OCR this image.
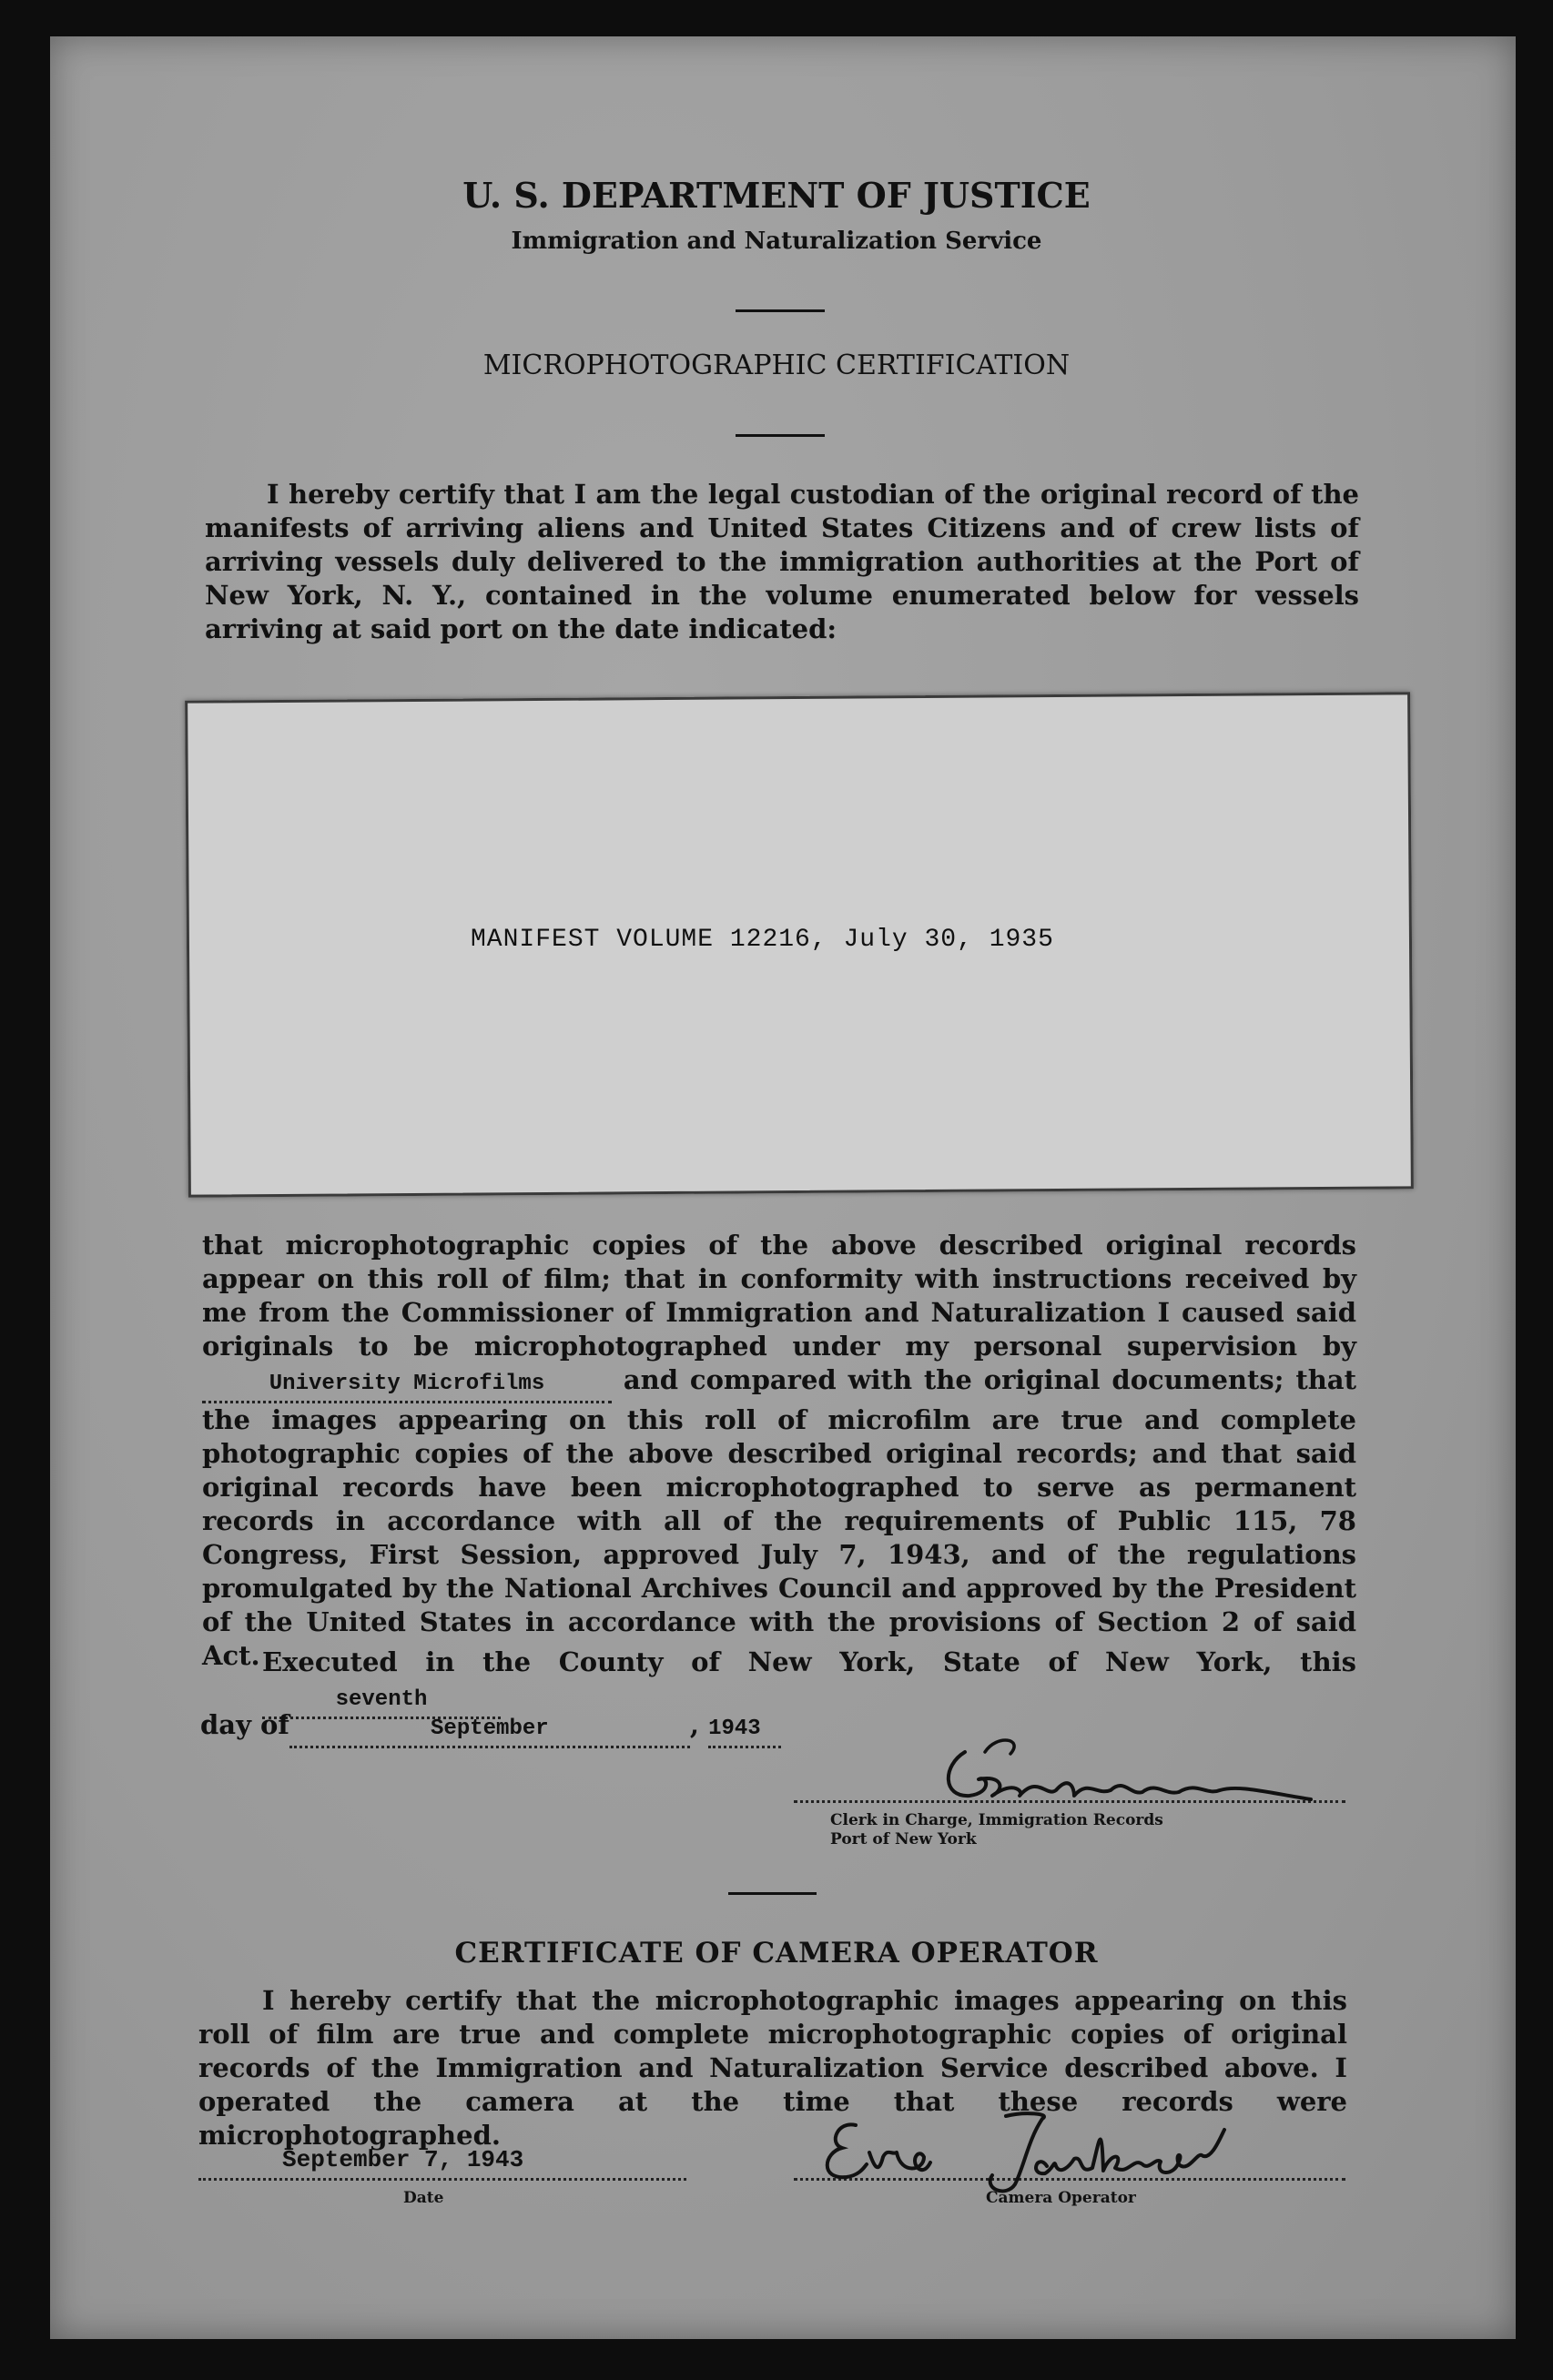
U. S. DEPARTMENT OF JUSTICE
Immigration and Naturalization Service
MICROPHOTOGRAPHIC CERTIFICATION

I hereby certify that I am the legal custodian of the original record of the manifests of arriving aliens and United States Citizens and of crew lists of arriving vessels duly delivered to the immigration authorities at the Port of New York, N. Y., contained in the volume enumerated below for vessels arriving at said port on the date indicated:

MANIFEST VOLUME 12216, July 30, 1935

that microphotographic copies of the above described original records appear on this roll of film; that in conformity with instructions received by me from the Commissioner of Immigration and Naturalization I caused said originals to be microphotographed under my personal supervision by University Microfilms	and compared with the original documents; that the images appearing on this roll of microfilm are true and complete photographic copies of the above described original records; and that said original records have been microphotographed to serve as permanent records in accordance with all of the requirements of Public 115, 78 Congress, First Session, approved July 7, 1943, and of the regulations promulgated by the National Archives Council and approved by the President of the United States in accordance with the provisions of Section 2 of said Act. Executed in the County of New York, State of New York, thisseventh
day of	September	, 1943
Clerk in Charge, Immigration Records
Port of New York
CERTIFICATE OF CAMERA OPERATOR

I hereby certify that the microphotographic images appearing on this roll of film are true and complete microphotographic copies of original records of the Immigration and Naturalization Service described above. I operated the camera at the time that these records were microphotographed.

September 7, 1943
Date	Camera Operator
